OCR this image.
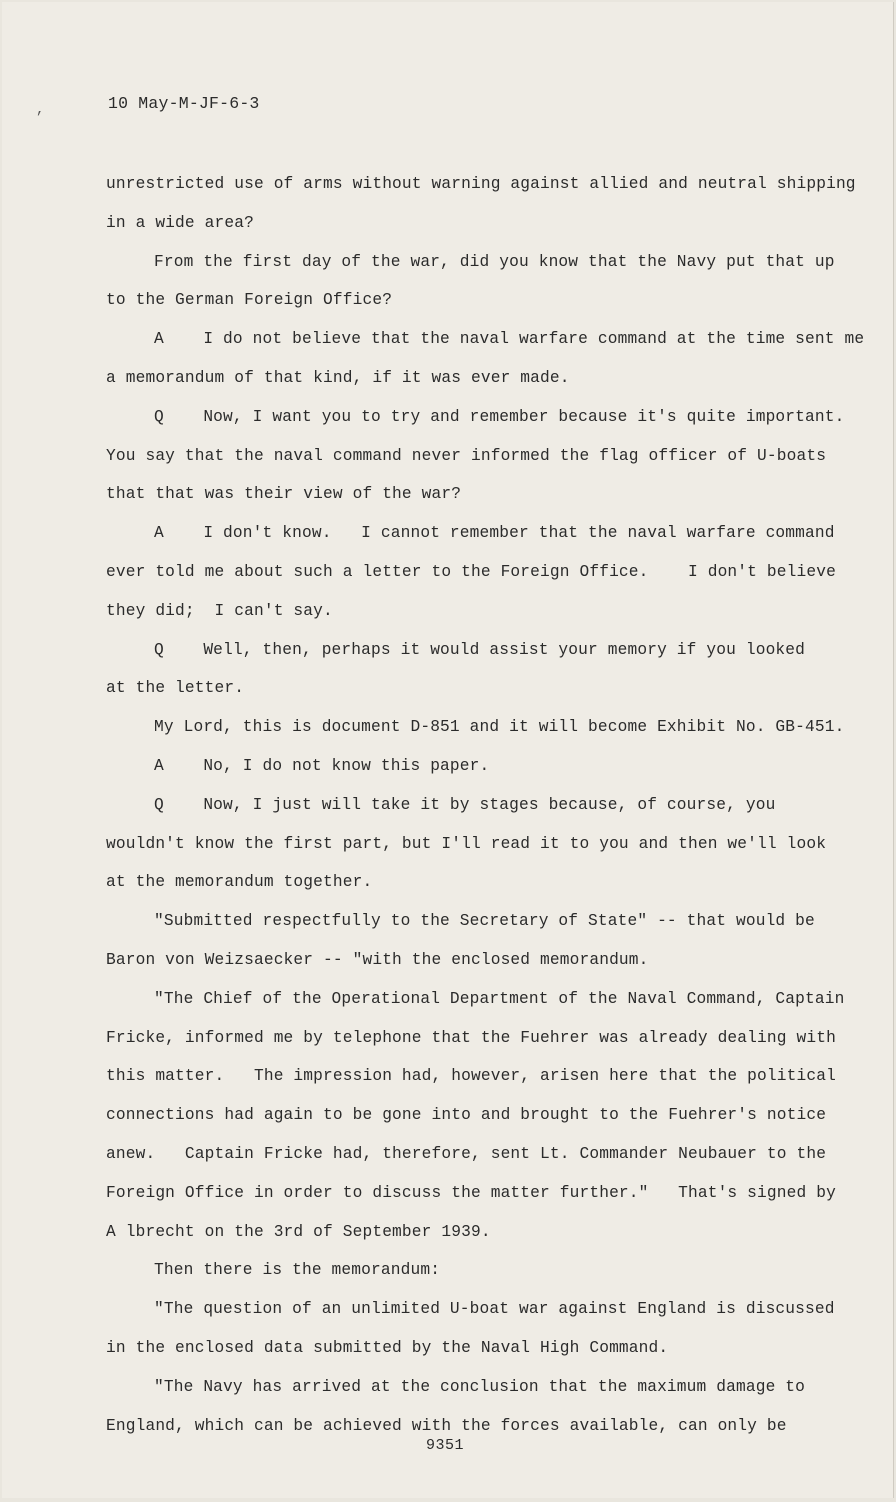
,	10 May-M-JF-6-3
unrestricted use of arms without warning against allied and neutral shipping
in a wide area?
From the first day of the war, did you know that the Navy put that up
to the German Foreign Office?
A    I do not believe that the naval warfare command at the time sent me
a memorandum of that kind, if it was ever made.
Q    Now, I want you to try and remember because it's quite important.
You say that the naval command never informed the flag officer of U-boats
that that was their view of the war?
A    I don't know.   I cannot remember that the naval warfare command
ever told me about such a letter to the Foreign Office.    I don't believe
they did;  I can't say.
Q    Well, then, perhaps it would assist your memory if you looked
at the letter.
My Lord, this is document D-851 and it will become Exhibit No. GB-451.
A    No, I do not know this paper.
Q    Now, I just will take it by stages because, of course, you
wouldn't know the first part, but I'll read it to you and then we'll look
at the memorandum together.
"Submitted respectfully to the Secretary of State" -- that would be
Baron von Weizsaecker -- "with the enclosed memorandum.
"The Chief of the Operational Department of the Naval Command, Captain
Fricke, informed me by telephone that the Fuehrer was already dealing with
this matter.   The impression had, however, arisen here that the political
connections had again to be gone into and brought to the Fuehrer's notice
anew.   Captain Fricke had, therefore, sent Lt. Commander Neubauer to the
Foreign Office in order to discuss the matter further."   That's signed by
A lbrecht on the 3rd of September 1939.
Then there is the memorandum:
"The question of an unlimited U-boat war against England is discussed
in the enclosed data submitted by the Naval High Command.
"The Navy has arrived at the conclusion that the maximum damage to
England, which can be achieved with the forces available, can only be
9351
